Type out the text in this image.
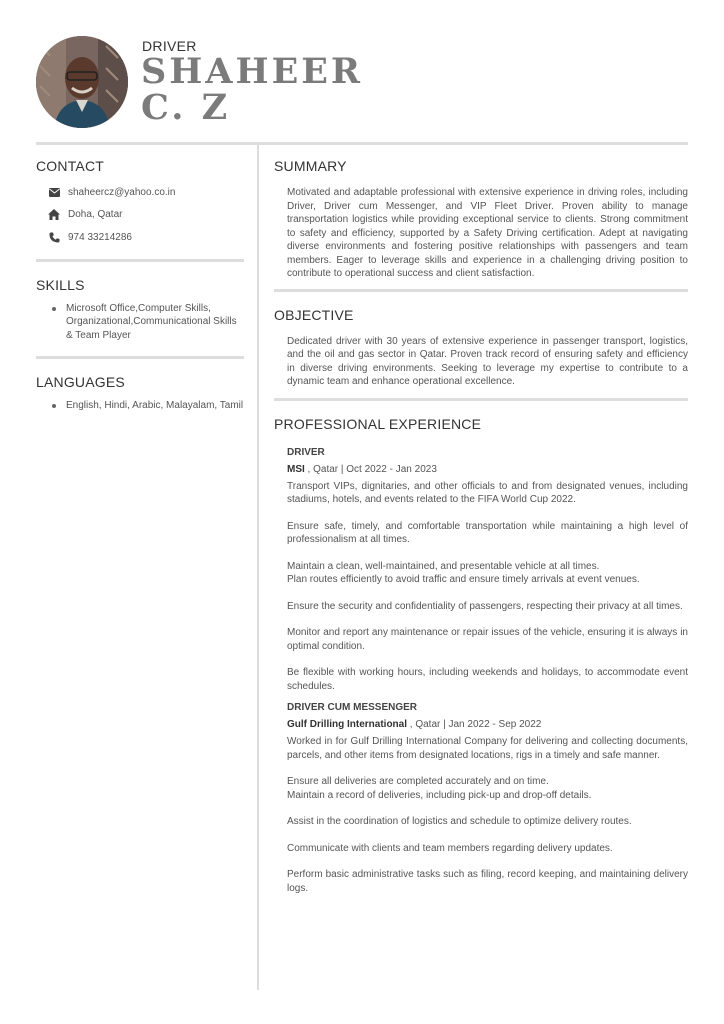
DRIVER
SHAHEER
C. Z
CONTACT
shaheercz@yahoo.co.in
Doha, Qatar
974 33214286
SKILLS
Microsoft Office,Computer Skills, Organizational,Communicational Skills & Team Player
LANGUAGES
English, Hindi, Arabic, Malayalam, Tamil
SUMMARY

Motivated and adaptable professional with extensive experience in driving roles, including Driver, Driver cum Messenger, and VIP Fleet Driver. Proven ability to manage transportation logistics while providing exceptional service to clients. Strong commitment to safety and efficiency, supported by a Safety Driving certification. Adept at navigating diverse environments and fostering positive relationships with passengers and team members. Eager to leverage skills and experience in a challenging driving position to contribute to operational success and client satisfaction.

OBJECTIVE

Dedicated driver with 30 years of extensive experience in passenger transport, logistics, and the oil and gas sector in Qatar. Proven track record of ensuring safety and efficiency in diverse driving environments. Seeking to leverage my expertise to contribute to a dynamic team and enhance operational excellence.

PROFESSIONAL EXPERIENCE
DRIVER
MSI , Qatar | Oct 2022 - Jan 2023

Transport VIPs, dignitaries, and other officials to and from designated venues, including stadiums, hotels, and events related to the FIFA World Cup 2022.

Ensure safe, timely, and comfortable transportation while maintaining a high level of professionalism at all times.

Maintain a clean, well-maintained, and presentable vehicle at all times.
Plan routes efficiently to avoid traffic and ensure timely arrivals at event venues.

Ensure the security and confidentiality of passengers, respecting their privacy at all times.

Monitor and report any maintenance or repair issues of the vehicle, ensuring it is always in optimal condition.

Be flexible with working hours, including weekends and holidays, to accommodate event schedules.

DRIVER CUM MESSENGER
Gulf Drilling International , Qatar | Jan 2022 - Sep 2022

Worked in for Gulf Drilling International Company for delivering and collecting documents, parcels, and other items from designated locations, rigs in a timely and safe manner.

Ensure all deliveries are completed accurately and on time.
Maintain a record of deliveries, including pick-up and drop-off details.

Assist in the coordination of logistics and schedule to optimize delivery routes.

Communicate with clients and team members regarding delivery updates.

Perform basic administrative tasks such as filing, record keeping, and maintaining delivery logs.
